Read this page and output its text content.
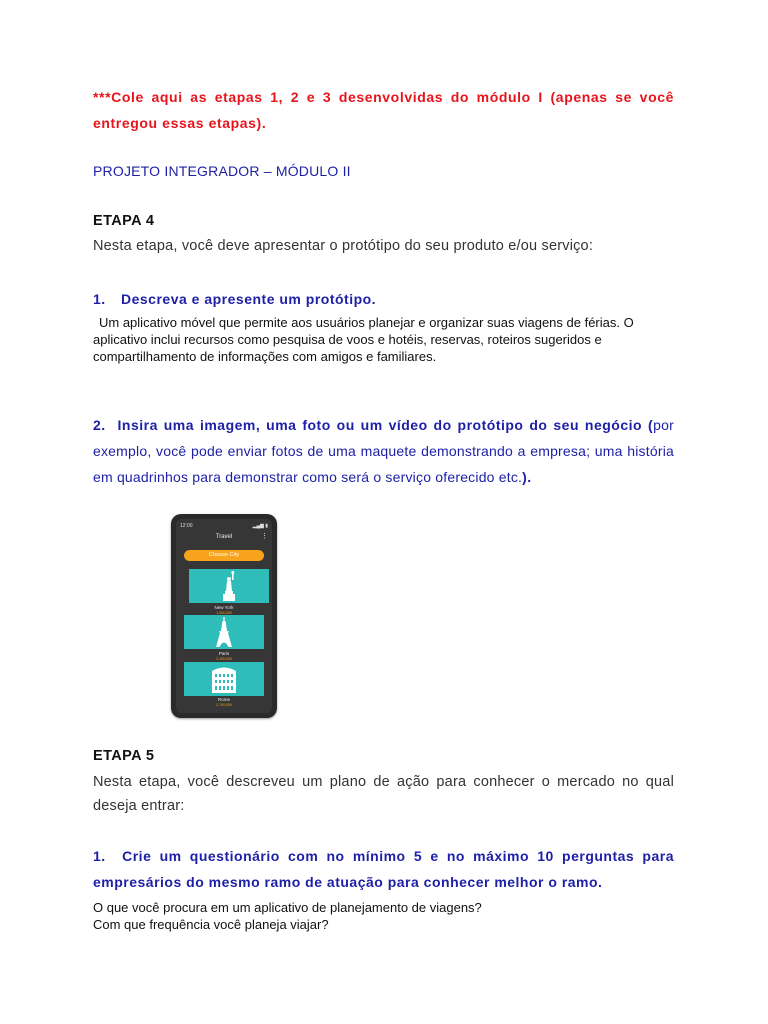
***Cole aqui as etapas 1, 2 e 3 desenvolvidas do módulo I (apenas se você entregou essas etapas).
PROJETO INTEGRADOR – MÓDULO II
ETAPA 4
Nesta etapa, você deve apresentar o protótipo do seu produto e/ou serviço:
1. Descreva e apresente um protótipo.
Um aplicativo móvel que permite aos usuários planejar e organizar suas viagens de férias. O aplicativo inclui recursos como pesquisa de voos e hotéis, reservas, roteiros sugeridos e compartilhamento de informações com amigos e familiares.
2. Insira uma imagem, uma foto ou um vídeo do protótipo do seu negócio (por exemplo, você pode enviar fotos de uma maquete demonstrando a empresa; uma história em quadrinhos para demonstrar como será o serviço oferecido etc.).
12:00	▂▄▆ ▮
Travel	⋮
Choose City
New York
1,000,000
Paris
2,100,000
Rome
2,700,000
ETAPA 5
Nesta etapa, você descreveu um plano de ação para conhecer o mercado no qual deseja entrar:
1. Crie um questionário com no mínimo 5 e no máximo 10 perguntas para empresários do mesmo ramo de atuação para conhecer melhor o ramo.
O que você procura em um aplicativo de planejamento de viagens?
Com que frequência você planeja viajar?
